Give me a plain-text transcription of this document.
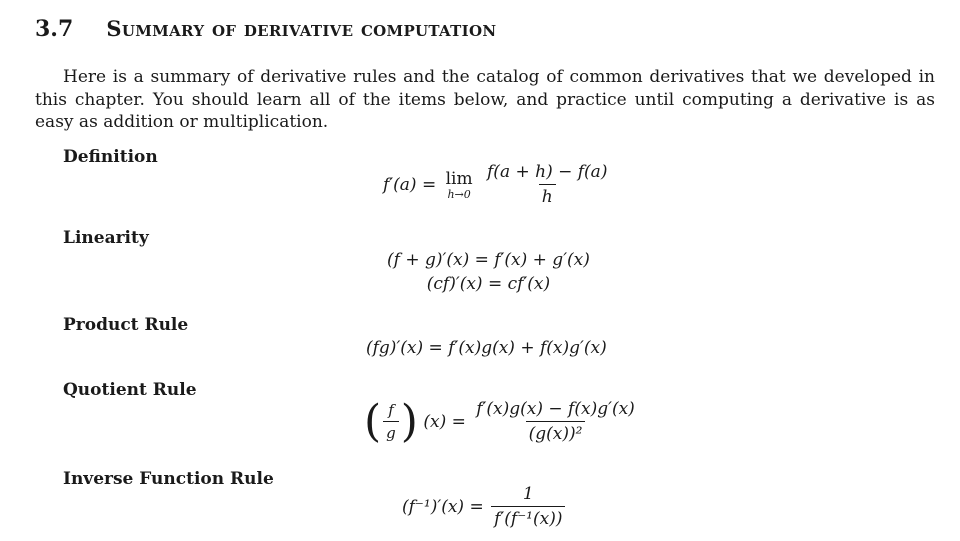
3.7 Summary of derivative computation

Here is a summary of derivative rules and the catalog of common derivatives that we developed in this chapter. You should learn all of the items below, and practice until computing a derivative is as easy as addition or multiplication.

Definition
f′(a) = lim
h→0
$\frac{f(a + h) - f(a)}{h}$
Linearity
(f + g)′(x) = f′(x) + g′(x)
(cf)′(x) = cf′(x)
Product Rule
(fg)′(x) = f′(x)g(x) + f(x)g′(x)
Quotient Rule
( $\frac{f}{g}$ ) $(x) = \frac{f'(x)g(x) - f(x)g'(x)}{\text{(g(x))²}}$
Inverse Function Rule
$(f^{-1})'(x) = \frac{1}{\text{f′(f⁻¹(x))}}$
